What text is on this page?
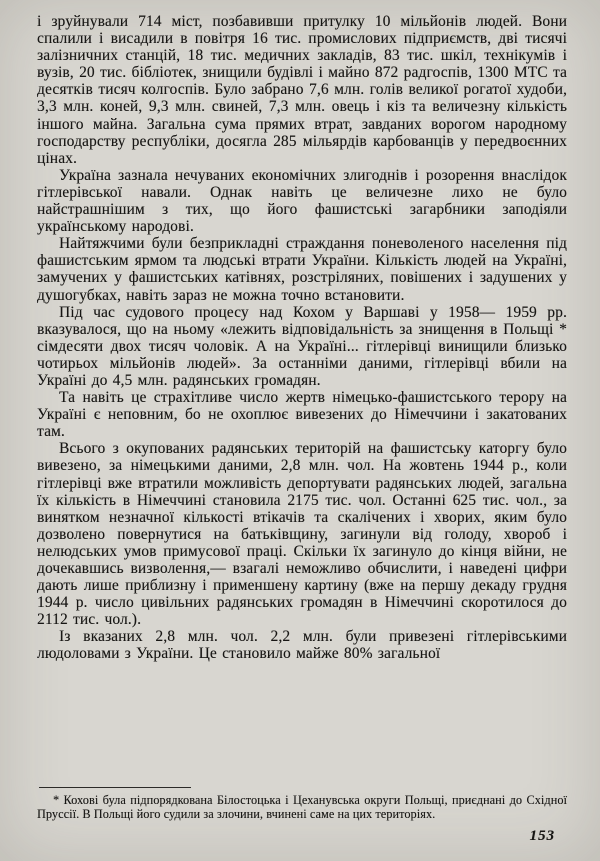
і зруйнували 714 міст, позбавивши притулку 10 мільйонів людей. Вони спалили і висадили в повітря 16 тис. промислових підприємств, дві тисячі залізничних станцій, 18 тис. медичних закладів, 83 тис. шкіл, технікумів і вузів, 20 тис. бібліотек, знищили будівлі і майно 872 радгоспів, 1300 МТС та десятків тисяч колгоспів. Було забрано 7,6 млн. голів великої рогатої худоби, 3,3 млн. коней, 9,3 млн. свиней, 7,3 млн. овець і кіз та величезну кількість іншого майна. Загальна сума прямих втрат, завданих ворогом народному господарству республіки, досягла 285 мільярдів карбованців у передвоєнних цінах.

Україна зазнала нечуваних економічних злигоднів і розорення внаслідок гітлерівської навали. Однак навіть це величезне лихо не було найстрашнішим з тих, що його фашистські загарбники заподіяли українському народові.

Найтяжчими були безприкладні страждання поневоленого населення під фашистським ярмом та людські втрати України. Кількість людей на Україні, замучених у фашистських катівнях, розстріляних, повішених і задушених у душогубках, навіть зараз не можна точно встановити.

Під час судового процесу над Кохом у Варшаві у 1958— 1959 рр. вказувалося, що на ньому «лежить відповідальність за знищення в Польщі * сімдесяти двох тисяч чоловік. А на Україні... гітлерівці винищили близько чотирьох мільйонів людей». За останніми даними, гітлерівці вбили на Україні до 4,5 млн. радянських громадян.

Та навіть це страхітливе число жертв німецько-фашистського терору на Україні є неповним, бо не охоплює вивезених до Німеччини і закатованих там.

Всього з окупованих радянських територій на фашистську каторгу було вивезено, за німецькими даними, 2,8 млн. чол. На жовтень 1944 р., коли гітлерівці вже втратили можливість депортувати радянських людей, загальна їх кількість в Німеччині становила 2175 тис. чол. Останні 625 тис. чол., за винятком незначної кількості втікачів та скалічених і хворих, яким було дозволено повернутися на батьківщину, загинули від голоду, хвороб і нелюдських умов примусової праці. Скільки їх загинуло до кінця війни, не дочекавшись визволення,— взагалі неможливо обчислити, і наведені цифри дають лише приблизну і применшену картину (вже на першу декаду грудня 1944 р. число цивільних радянських громадян в Німеччині скоротилося до 2112 тис. чол.).

Із вказаних 2,8 млн. чол. 2,2 млн. були привезені гітлерівськими людоловами з України. Це становило майже 80% загальної

* Кохові була підпорядкована Білостоцька і Цеханувська округи Польщі, приєднані до Східної Пруссії. В Польщі його судили за злочини, вчинені саме на цих територіях.

153
